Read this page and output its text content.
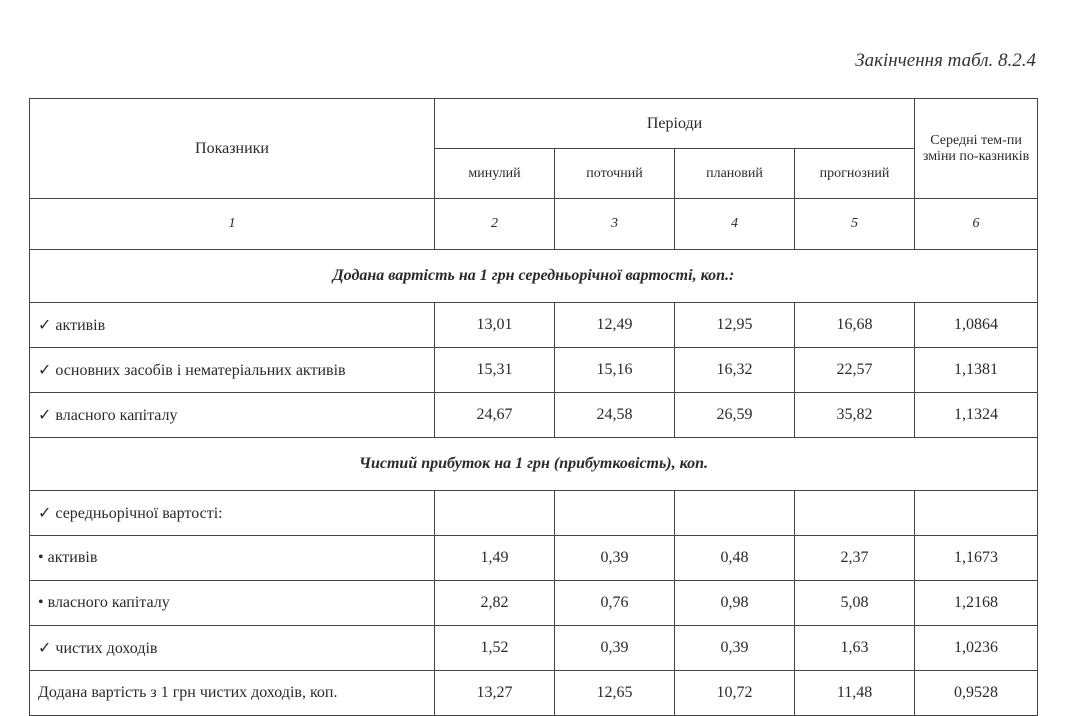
Закінчення табл. 8.2.4
Показники	Періоди				Середні тем-пи зміни по-казників
	минулий	поточний	плановий	прогнозний	
1	2	3	4	5	6
Додана вартість на 1 грн середньорічної вартості, коп.:					
✓ активів	13,01	12,49	12,95	16,68	1,0864
✓ основних засобів і нематеріальних активів	15,31	15,16	16,32	22,57	1,1381
✓ власного капіталу	24,67	24,58	26,59	35,82	1,1324
Чистий прибуток на 1 грн (прибутковість), коп.					
✓ середньорічної вартості:					
• активів	1,49	0,39	0,48	2,37	1,1673
• власного капіталу	2,82	0,76	0,98	5,08	1,2168
✓ чистих доходів	1,52	0,39	0,39	1,63	1,0236
Додана вартість з 1 грн чистих доходів, коп.	13,27	12,65	10,72	11,48	0,9528
